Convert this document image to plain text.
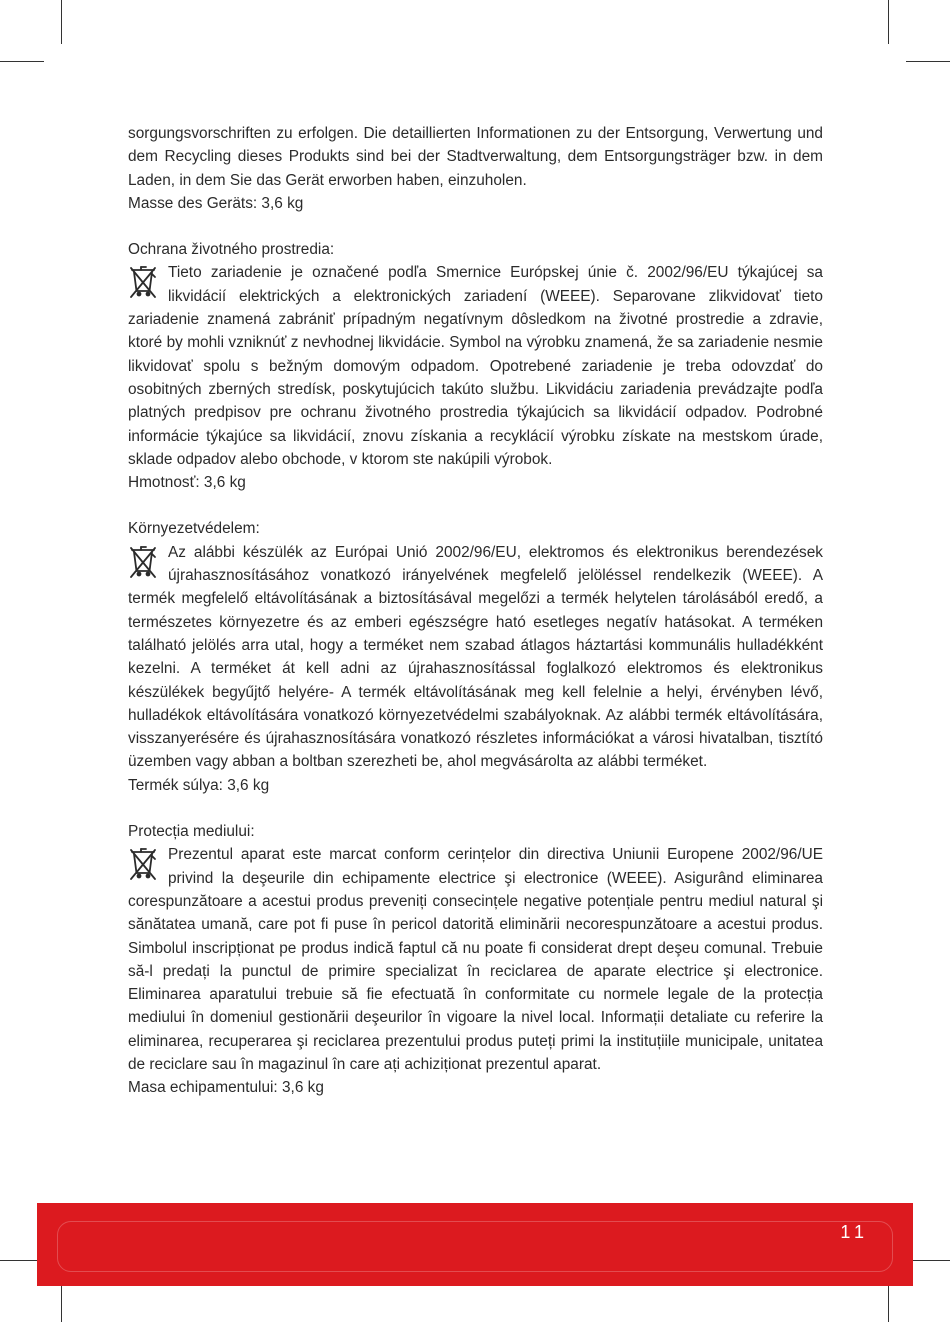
sorgungsvorschriften zu erfolgen. Die detaillierten Informationen zu der Entsorgung, Verwertung und dem Recycling dieses Produkts sind bei der Stadtverwaltung, dem Entsorgungsträger bzw. in dem Laden, in dem Sie das Gerät erworben haben, einzuholen.

Masse des Geräts: 3,6 kg

Ochrana životného prostredia:

Tieto zariadenie je označené podľa Smernice Európskej únie č. 2002/96/EU týkajúcej sa likvidácií elektrických a elektronických zariadení (WEEE). Separovane zlikvidovať tieto zariadenie znamená zabrániť prípadným negatívnym dôsledkom na životné prostredie a zdravie, ktoré by mohli vzniknúť z nevhodnej likvidácie. Symbol na výrobku znamená, že sa zariadenie nesmie likvidovať spolu s bežným domovým odpadom. Opotrebené zariadenie je treba odovzdať do osobitných zberných stredísk, poskytujúcich takúto službu. Likvidáciu zariadenia prevádzajte podľa platných predpisov pre ochranu životného prostredia týkajúcich sa likvidácií odpadov. Podrobné informácie týkajúce sa likvidácií, znovu získania a recyklácií výrobku získate na mestskom úrade, sklade odpadov alebo obchode, v ktorom ste nakúpili výrobok.

Hmotnosť: 3,6 kg

Környezetvédelem:

Az alábbi készülék az Európai Unió 2002/96/EU, elektromos és elektronikus berendezések újrahasznosításához vonatkozó irányelvének megfelelő jelöléssel rendelkezik (WEEE). A termék megfelelő eltávolításának a biztosításával megelőzi a termék helytelen tárolásából eredő, a természetes környezetre és az emberi egészségre ható esetleges negatív hatásokat. A terméken található jelölés arra utal, hogy a terméket nem szabad átlagos háztartási kommunális hulladékként kezelni. A terméket át kell adni az újrahasznosítással foglalkozó elektromos és elektronikus készülékek begyűjtő helyére- A termék eltávolításának meg kell felelnie a helyi, érvényben lévő, hulladékok eltávolítására vonatkozó környezetvédelmi szabályoknak. Az alábbi termék eltávolítására, visszanyerésére és újrahasznosítására vonatkozó részletes információkat a városi hivatalban, tisztító üzemben vagy abban a boltban szerezheti be, ahol megvásárolta az alábbi terméket.

Termék súlya: 3,6 kg

Protecția mediului:

Prezentul aparat este marcat conform cerințelor din directiva Uniunii Europene 2002/96/UE privind la deşeurile din echipamente electrice şi electronice (WEEE). Asigurând eliminarea corespunzătoare a acestui produs preveniți consecințele negative potențiale pentru mediul natural şi sănătatea umană, care pot fi puse în pericol datorită eliminării necorespunzătoare a acestui produs. Simbolul inscripționat pe produs indică faptul că nu poate fi considerat drept deşeu comunal. Trebuie să-l predați la punctul de primire specializat în reciclarea de aparate electrice şi electronice. Eliminarea aparatului trebuie să fie efectuată în conformitate cu normele legale de la protecția mediului în domeniul gestionării deşeurilor în vigoare la nivel local. Informații detaliate cu referire la eliminarea, recuperarea şi reciclarea prezentului produs puteți primi la instituțiile municipale, unitatea de reciclare sau în magazinul în care ați achiziționat prezentul aparat.

Masa echipamentului: 3,6 kg

11
